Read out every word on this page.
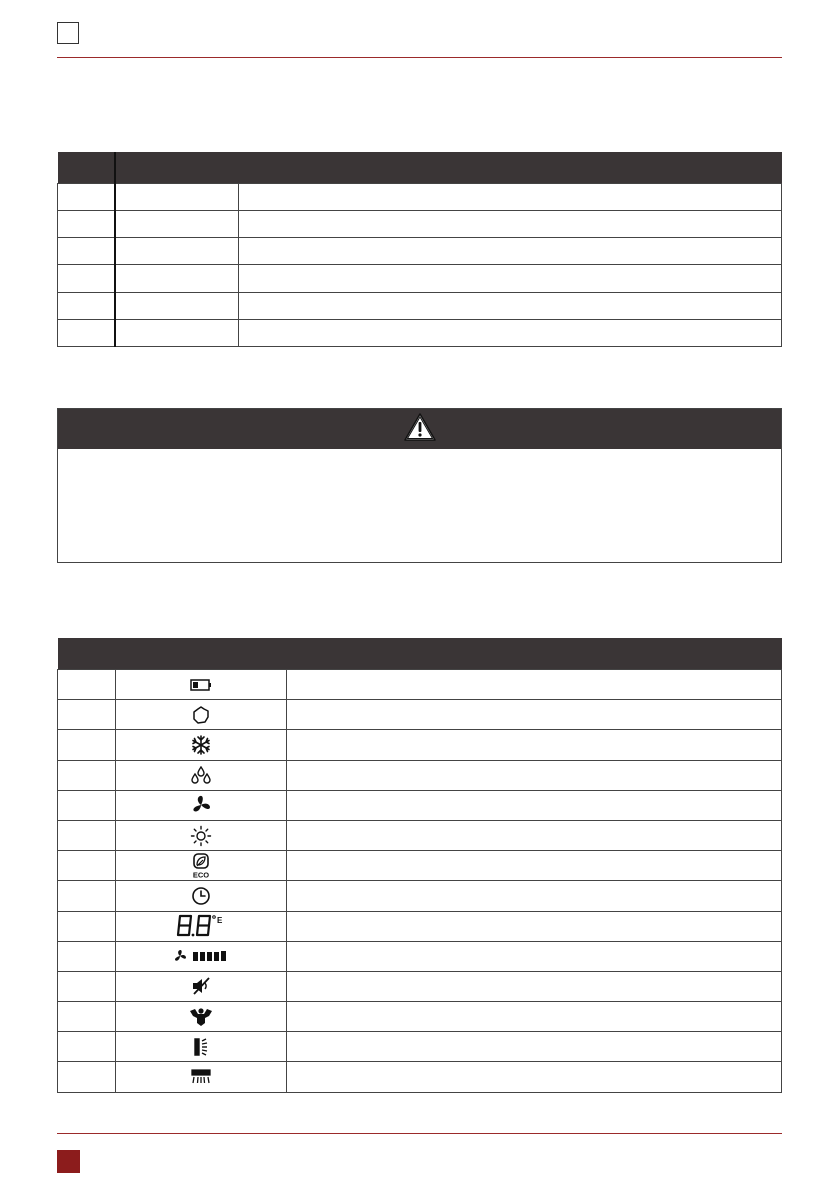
ECO	

E	
